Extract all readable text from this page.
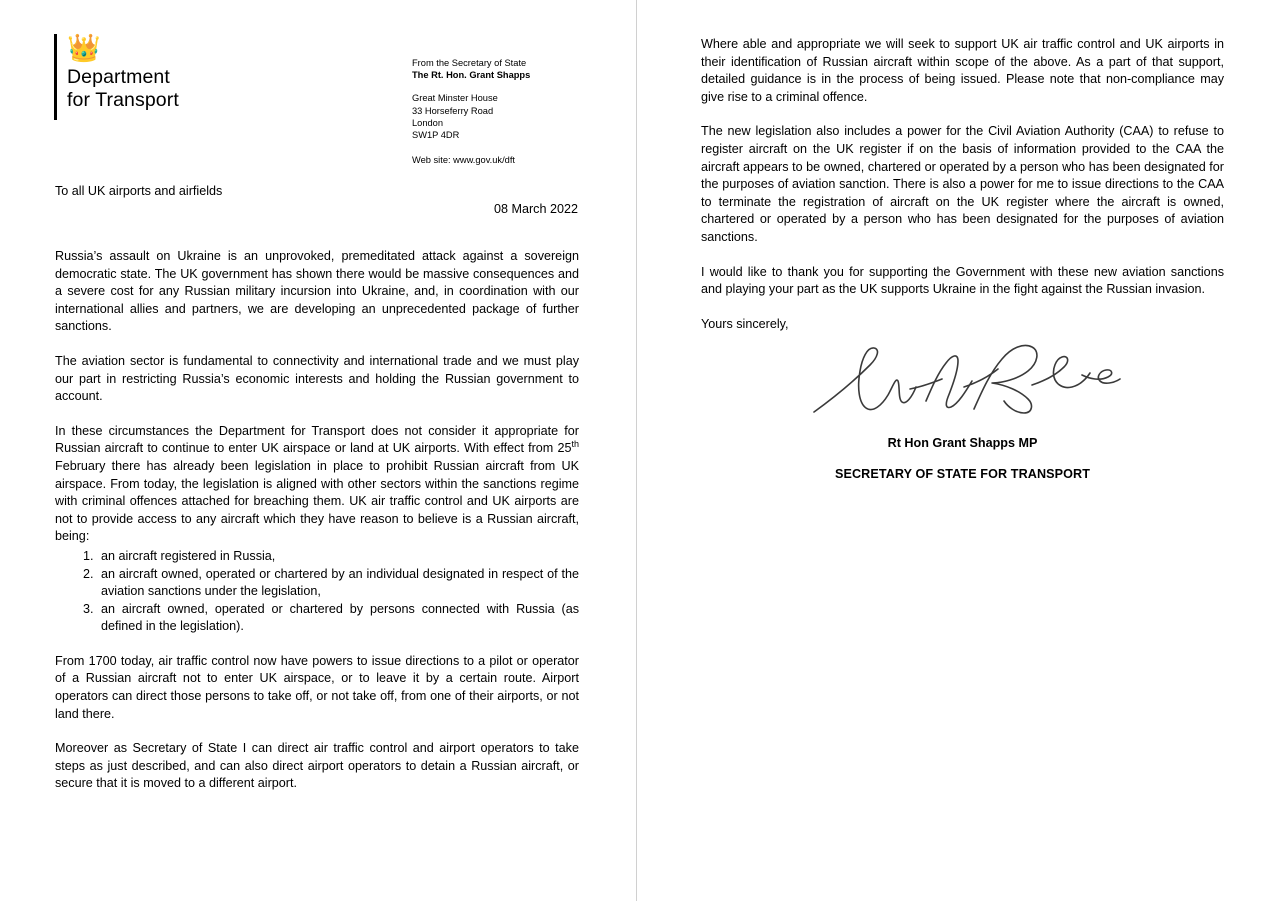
👑
Department
for Transport
From the Secretary of State
The Rt. Hon. Grant Shapps
Great Minster House
33 Horseferry Road
London
SW1P 4DR
Web site: www.gov.uk/dft
To all UK airports and airfields
08 March 2022

Russia’s assault on Ukraine is an unprovoked, premeditated attack against a sovereign democratic state. The UK government has shown there would be massive consequences and a severe cost for any Russian military incursion into Ukraine, and, in coordination with our international allies and partners, we are developing an unprecedented package of further sanctions.

The aviation sector is fundamental to connectivity and international trade and we must play our part in restricting Russia’s economic interests and holding the Russian government to account.

In these circumstances the Department for Transport does not consider it appropriate for Russian aircraft to continue to enter UK airspace or land at UK airports. With effect from 25th February there has already been legislation in place to prohibit Russian aircraft from UK airspace. From today, the legislation is aligned with other sectors within the sanctions regime with criminal offences attached for breaching them. UK air traffic control and UK airports are not to provide access to any aircraft which they have reason to believe is a Russian aircraft, being:

1. an aircraft registered in Russia,
2. an aircraft owned, operated or chartered by an individual designated in respect of the aviation sanctions under the legislation,
3. an aircraft owned, operated or chartered by persons connected with Russia (as defined in the legislation).

From 1700 today, air traffic control now have powers to issue directions to a pilot or operator of a Russian aircraft not to enter UK airspace, or to leave it by a certain route. Airport operators can direct those persons to take off, or not take off, from one of their airports, or not land there.

Moreover as Secretary of State I can direct air traffic control and airport operators to take steps as just described, and can also direct airport operators to detain a Russian aircraft, or secure that it is moved to a different airport.

Where able and appropriate we will seek to support UK air traffic control and UK airports in their identification of Russian aircraft within scope of the above. As a part of that support, detailed guidance is in the process of being issued. Please note that non-compliance may give rise to a criminal offence.

The new legislation also includes a power for the Civil Aviation Authority (CAA) to refuse to register aircraft on the UK register if on the basis of information provided to the CAA the aircraft appears to be owned, chartered or operated by a person who has been designated for the purposes of aviation sanction. There is also a power for me to issue directions to the CAA to terminate the registration of aircraft on the UK register where the aircraft is owned, chartered or operated by a person who has been designated for the purposes of aviation sanctions.

I would like to thank you for supporting the Government with these new aviation sanctions and playing your part as the UK supports Ukraine in the fight against the Russian invasion.

Yours sincerely,

Rt Hon Grant Shapps MP
SECRETARY OF STATE FOR TRANSPORT
